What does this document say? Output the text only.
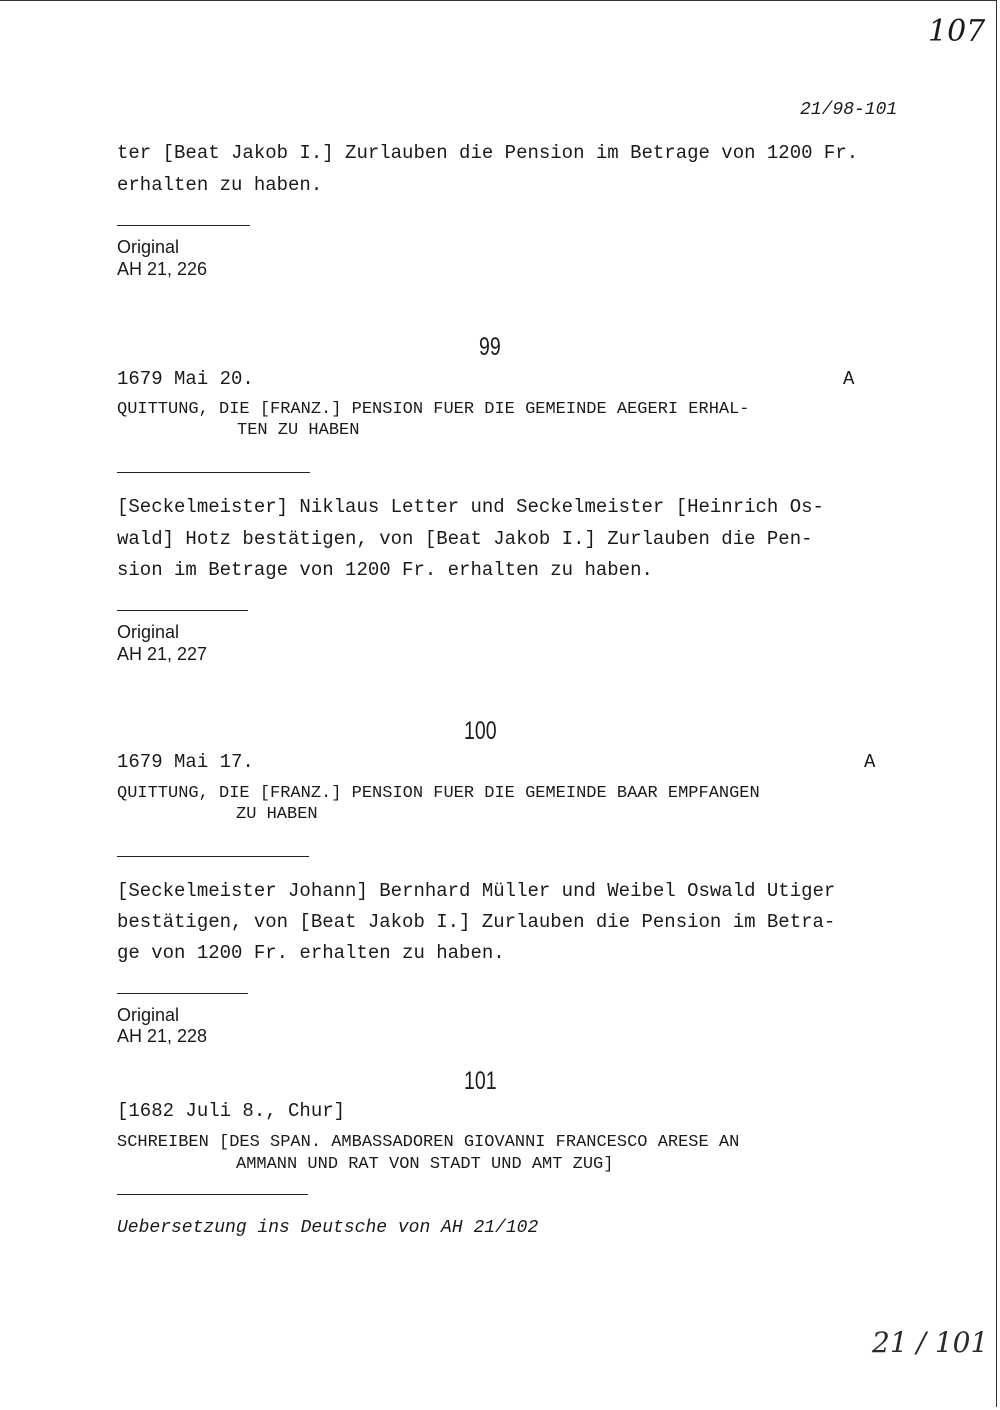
107
21 / 101
21/98-101
ter [Beat Jakob I.] Zurlauben die Pension im Betrage von 1200 Fr.
erhalten zu haben.
Original
AH 21, 226
99
1679 Mai 20.	A
QUITTUNG, DIE [FRANZ.] PENSION FUER DIE GEMEINDE AEGERI ERHAL-
TEN ZU HABEN
[Seckelmeister] Niklaus Letter und Seckelmeister [Heinrich Os-
wald] Hotz bestätigen, von [Beat Jakob I.] Zurlauben die Pen-
sion im Betrage von 1200 Fr. erhalten zu haben.
Original
AH 21, 227
100
1679 Mai 17.	A
QUITTUNG, DIE [FRANZ.] PENSION FUER DIE GEMEINDE BAAR EMPFANGEN
ZU HABEN
[Seckelmeister Johann] Bernhard Müller und Weibel Oswald Utiger
bestätigen, von [Beat Jakob I.] Zurlauben die Pension im Betra-
ge von 1200 Fr. erhalten zu haben.
Original
AH 21, 228
101
[1682 Juli 8., Chur]
SCHREIBEN [DES SPAN. AMBASSADOREN GIOVANNI FRANCESCO ARESE AN
AMMANN UND RAT VON STADT UND AMT ZUG]
Uebersetzung ins Deutsche von AH 21/102
